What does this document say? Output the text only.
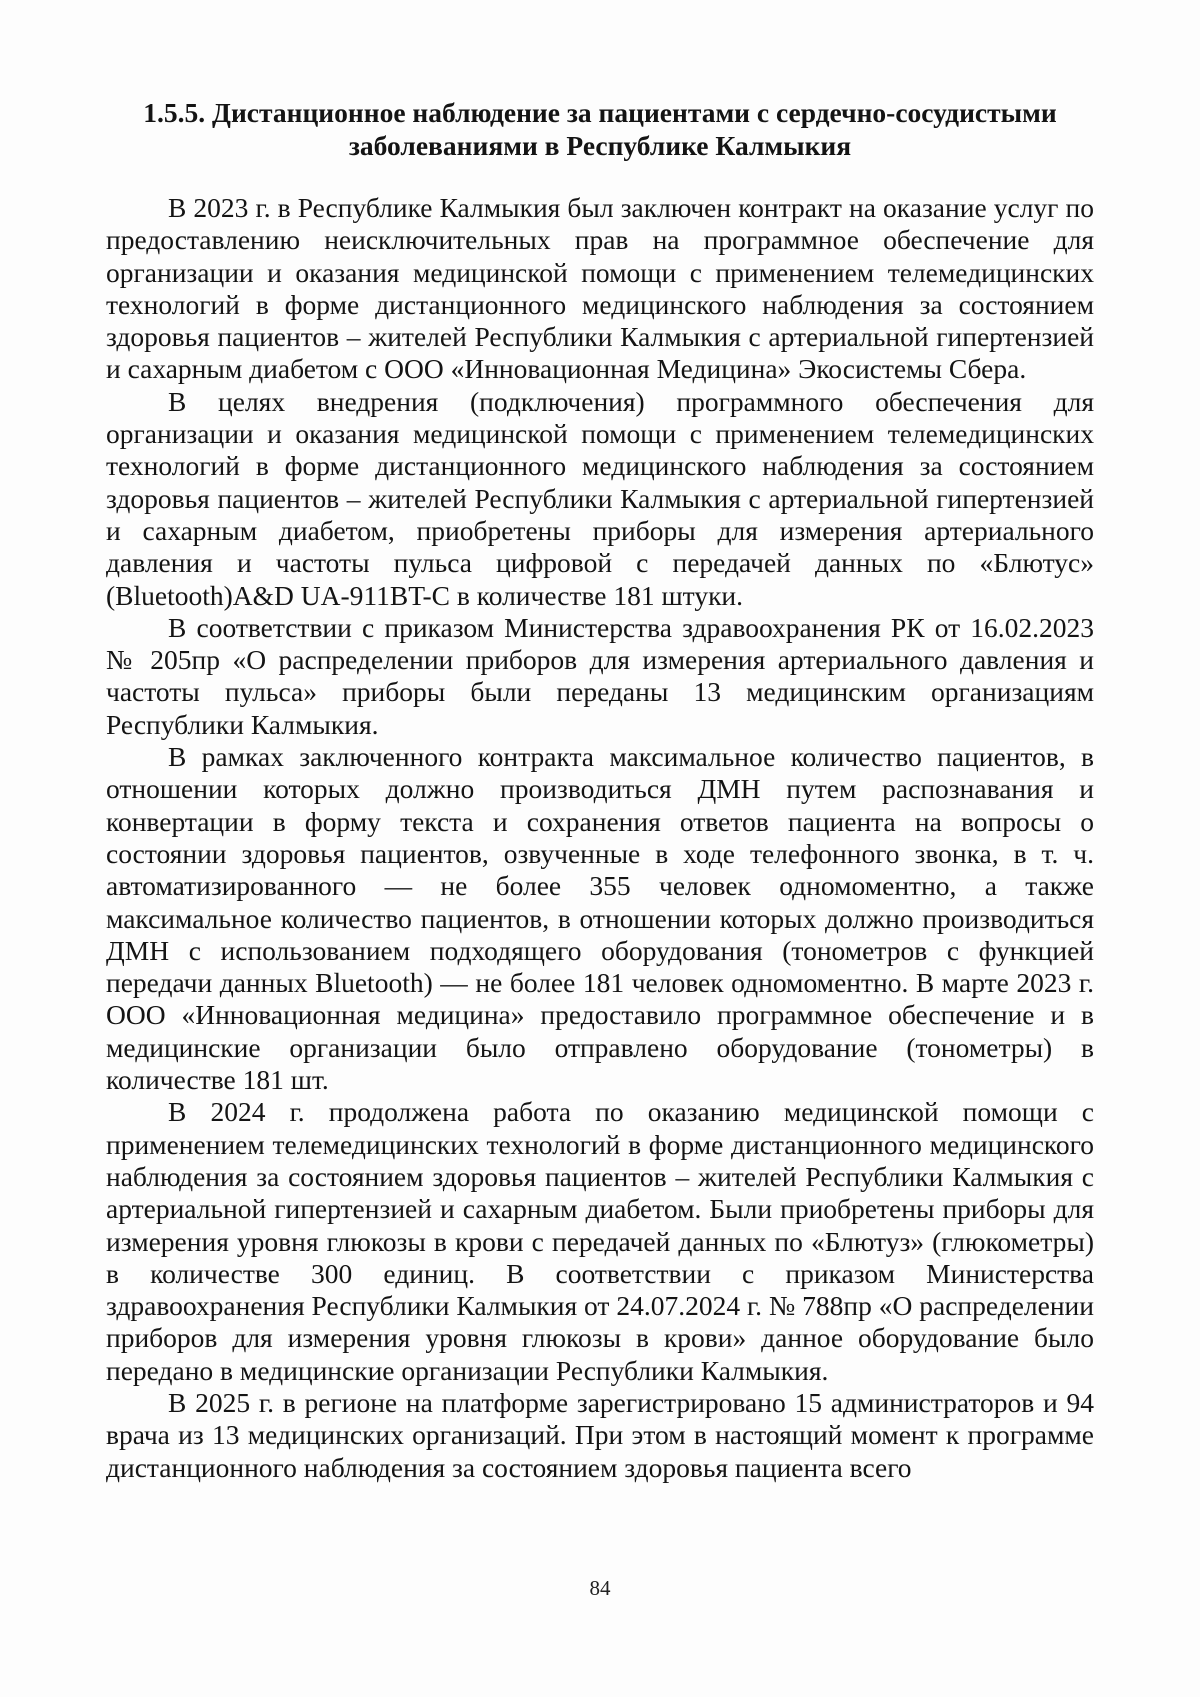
1.5.5. Дистанционное наблюдение за пациентами с сердечно-сосудистыми
заболеваниями в Республике Калмыкия

В 2023 г. в Республике Калмыкия был заключен контракт на оказание услуг по предоставлению неисключительных прав на программное обеспечение для организации и оказания медицинской помощи с применением телемедицинских технологий в форме дистанционного медицинского наблюдения за состоянием здоровья пациентов – жителей Республики Калмыкия с артериальной гипертензией и сахарным диабетом с ООО «Инновационная Медицина» Экосистемы Сбера.

В целях внедрения (подключения) программного обеспечения для организации и оказания медицинской помощи с применением телемедицинских технологий в форме дистанционного медицинского наблюдения за состоянием здоровья пациентов – жителей Республики Калмыкия с артериальной гипертензией и сахарным диабетом, приобретены приборы для измерения артериального давления и частоты пульса цифровой с передачей данных по «Блютус» (Bluetooth)A&D UA-911BT-C в количестве 181 штуки.

В соответствии с приказом Министерства здравоохранения РК от 16.02.2023 № 205пр «О распределении приборов для измерения артериального давления и частоты пульса» приборы были переданы 13 медицинским организациям Республики Калмыкия.

В рамках заключенного контракта максимальное количество пациентов, в отношении которых должно производиться ДМН путем распознавания и конвертации в форму текста и сохранения ответов пациента на вопросы о состоянии здоровья пациентов, озвученные в ходе телефонного звонка, в т. ч. автоматизированного — не более 355 человек одномоментно, а также максимальное количество пациентов, в отношении которых должно производиться ДМН с использованием подходящего оборудования (тонометров с функцией передачи данных Bluetooth) — не более 181 человек одномоментно. В марте 2023 г. ООО «Инновационная медицина» предоставило программное обеспечение и в медицинские организации было отправлено оборудование (тонометры) в количестве 181 шт.

В 2024 г. продолжена работа по оказанию медицинской помощи с применением телемедицинских технологий в форме дистанционного медицинского наблюдения за состоянием здоровья пациентов – жителей Республики Калмыкия с артериальной гипертензией и сахарным диабетом. Были приобретены приборы для измерения уровня глюкозы в крови с передачей данных по «Блютуз» (глюкометры) в количестве 300 единиц. В соответствии с приказом Министерства здравоохранения Республики Калмыкия от 24.07.2024 г. № 788пр «О распределении приборов для измерения уровня глюкозы в крови» данное оборудование было передано в медицинские организации Республики Калмыкия.

В 2025 г. в регионе на платформе зарегистрировано 15 администраторов и 94 врача из 13 медицинских организаций. При этом в настоящий момент к программе дистанционного наблюдения за состоянием здоровья пациента всего

84
